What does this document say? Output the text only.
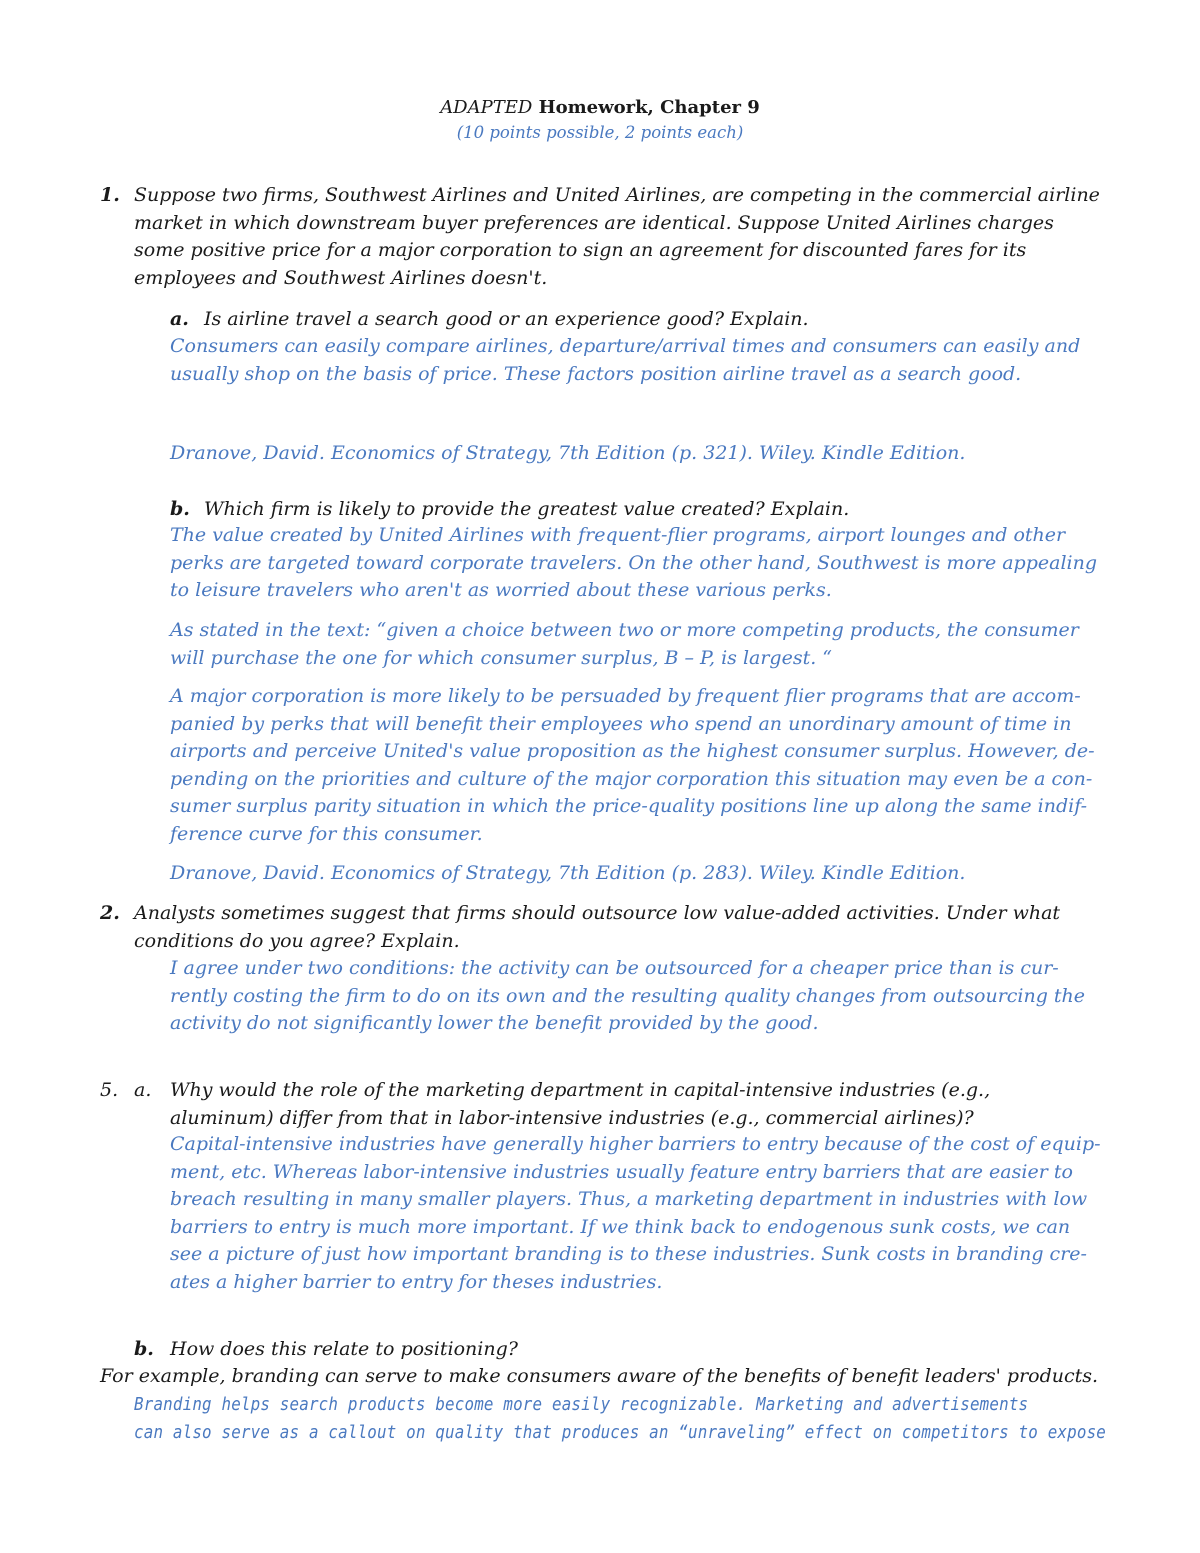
ADAPTED Homework, Chapter 9
(10 points possible, 2 points each)
1. Suppose two firms, Southwest Airlines and United Airlines, are competing in the commercial airline
market in which downstream buyer preferences are identical. Suppose United Airlines charges
some positive price for a major corporation to sign an agreement for discounted fares for its
employees and Southwest Airlines doesn't.
a. Is airline travel a search good or an experience good? Explain.
Consumers can easily compare airlines, departure/arrival times and consumers can easily and
usually shop on the basis of price. These factors position airline travel as a search good.
Dranove, David. Economics of Strategy, 7th Edition (p. 321). Wiley. Kindle Edition.
b. Which firm is likely to provide the greatest value created? Explain.
The value created by United Airlines with frequent-flier programs, airport lounges and other
perks are targeted toward corporate travelers. On the other hand, Southwest is more appealing
to leisure travelers who aren't as worried about these various perks.
As stated in the text: “given a choice between two or more competing products, the consumer
will purchase the one for which consumer surplus, B – P, is largest. “
A major corporation is more likely to be persuaded by frequent flier programs that are accom-
panied by perks that will benefit their employees who spend an unordinary amount of time in
airports and perceive United's value proposition as the highest consumer surplus. However, de-
pending on the priorities and culture of the major corporation this situation may even be a con-
sumer surplus parity situation in which the price-quality positions line up along the same indif-
ference curve for this consumer.
Dranove, David. Economics of Strategy, 7th Edition (p. 283). Wiley. Kindle Edition.
2. Analysts sometimes suggest that firms should outsource low value-added activities. Under what
conditions do you agree? Explain.
I agree under two conditions: the activity can be outsourced for a cheaper price than is cur-
rently costing the firm to do on its own and the resulting quality changes from outsourcing the
activity do not significantly lower the benefit provided by the good.
5. a. Why would the role of the marketing department in capital-intensive industries (e.g.,
aluminum) differ from that in labor-intensive industries (e.g., commercial airlines)?
Capital-intensive industries have generally higher barriers to entry because of the cost of equip-
ment, etc. Whereas labor-intensive industries usually feature entry barriers that are easier to
breach resulting in many smaller players. Thus, a marketing department in industries with low
barriers to entry is much more important. If we think back to endogenous sunk costs, we can
see a picture of just how important branding is to these industries. Sunk costs in branding cre-
ates a higher barrier to entry for theses industries.
b. How does this relate to positioning?
For example, branding can serve to make consumers aware of the benefits of benefit leaders' products.
Branding helps search products become more easily recognizable. Marketing and advertisements
can also serve as a callout on quality that produces an “unraveling” effect on competitors to expose
